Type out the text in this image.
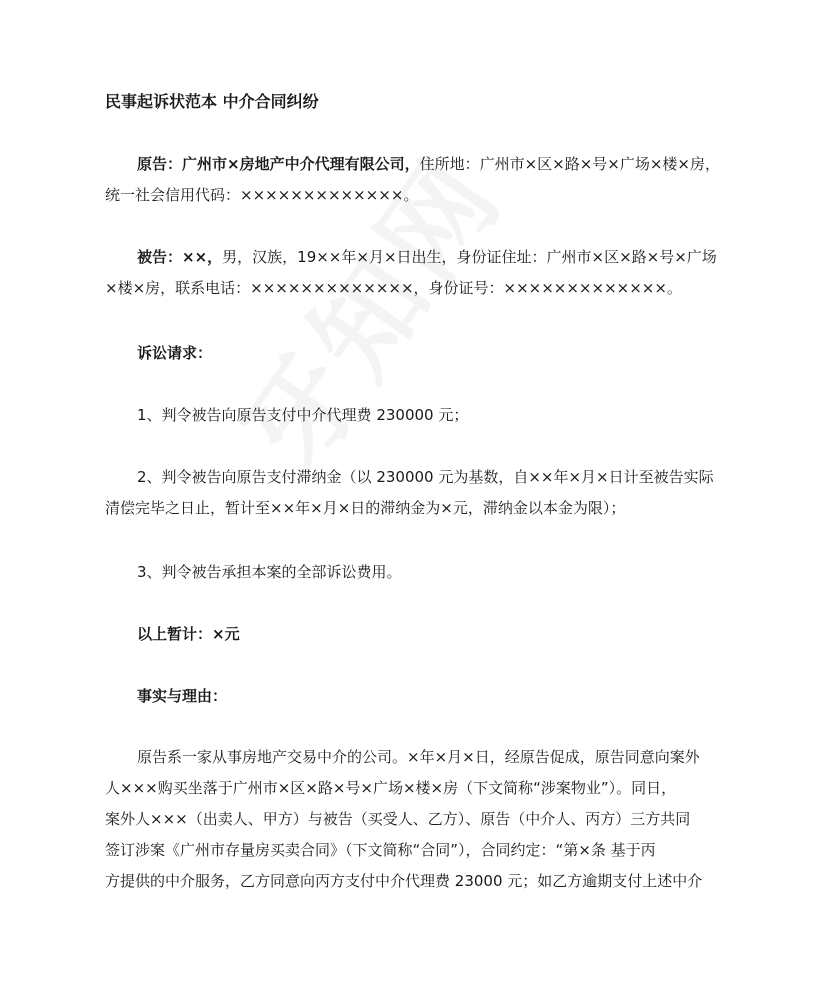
民事起诉状范本 中介合同纠纷

原告：广州市×房地产中介代理有限公司，住所地：广州市×区×路×号×广场×楼×房，
统一社会信用代码：×××××××××××××。

被告：××，男，汉族，19××年×月×日出生，身份证住址：广州市×区×路×号×广场
×楼×房，联系电话：×××××××××××××，身份证号：×××××××××××××。

诉讼请求：

1、判令被告向原告支付中介代理费 230000 元；

2、判令被告向原告支付滞纳金（以 230000 元为基数，自××年×月×日计至被告实际
清偿完毕之日止，暂计至××年×月×日的滞纳金为×元，滞纳金以本金为限）；

3、判令被告承担本案的全部诉讼费用。

以上暂计：×元

事实与理由：

原告系一家从事房地产交易中介的公司。×年×月×日，经原告促成，原告同意向案外
人×××购买坐落于广州市×区×路×号×广场×楼×房（下文简称“涉案物业”）。同日，
案外人×××（出卖人、甲方）与被告（买受人、乙方）、原告（中介人、丙方）三方共同
签订涉案《广州市存量房买卖合同》（下文简称“合同”），合同约定：“第×条 基于丙
方提供的中介服务，乙方同意向丙方支付中介代理费 23000 元；如乙方逾期支付上述中介
